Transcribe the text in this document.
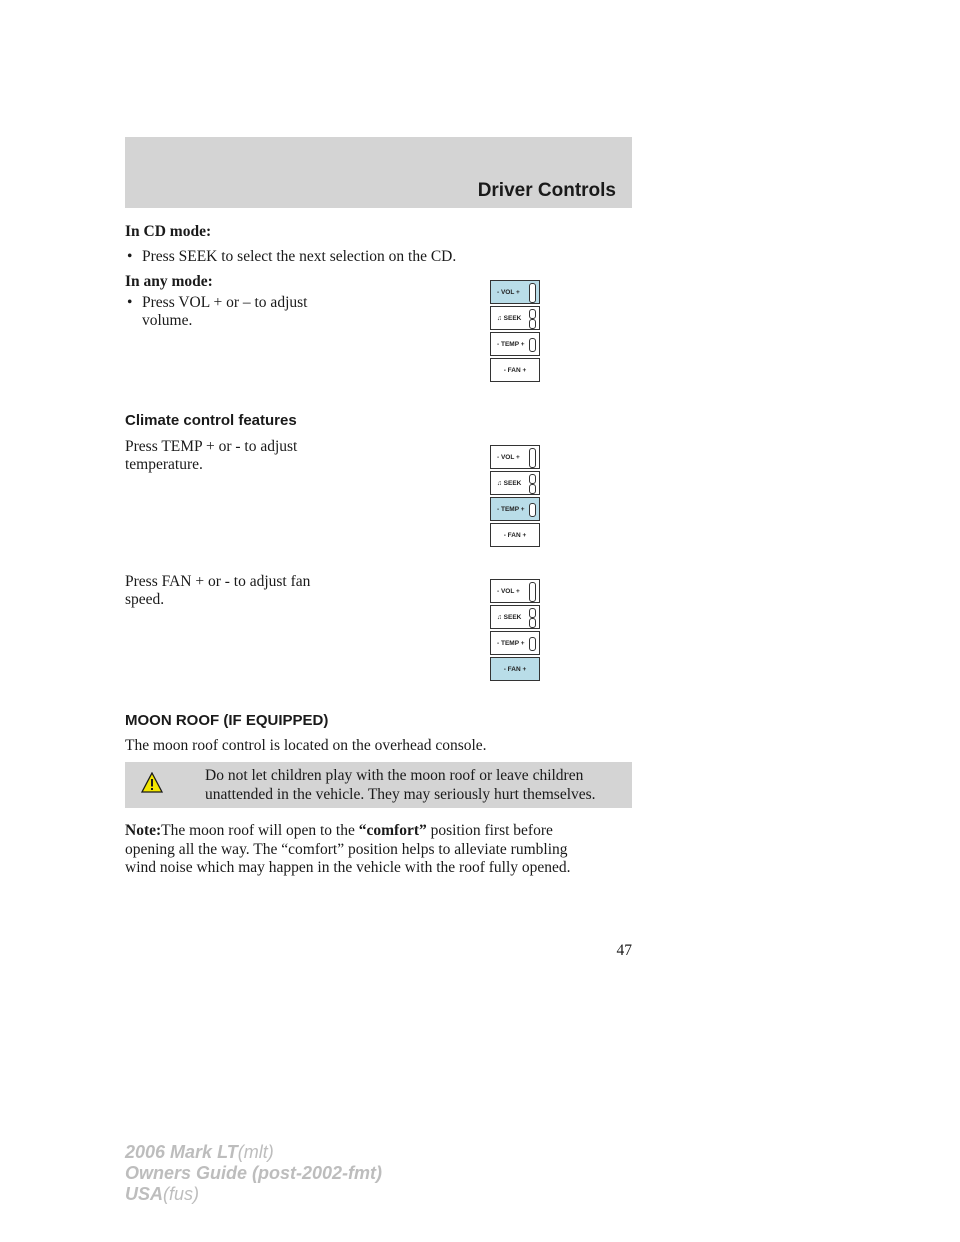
Driver Controls
In CD mode:
• Press SEEK to select the next selection on the CD.
In any mode:
• Press VOL + or – to adjust
volume.
- VOL +
♫ SEEK
- TEMP +
- FAN +
Climate control features
Press TEMP + or - to adjust
temperature.	- VOL +
♫ SEEK
- TEMP +
- FAN +
Press FAN + or - to adjust fan
speed.	- VOL +
♫ SEEK
- TEMP +
- FAN +
MOON ROOF (IF EQUIPPED)
The moon roof control is located on the overhead console.
Do not let children play with the moon roof or leave children
unattended in the vehicle. They may seriously hurt themselves.
Note:The moon roof will open to the “comfort” position first before
opening all the way. The “comfort” position helps to alleviate rumbling
wind noise which may happen in the vehicle with the roof fully opened.
47
2006 Mark LT(mlt)
Owners Guide (post-2002-fmt)
USA(fus)
